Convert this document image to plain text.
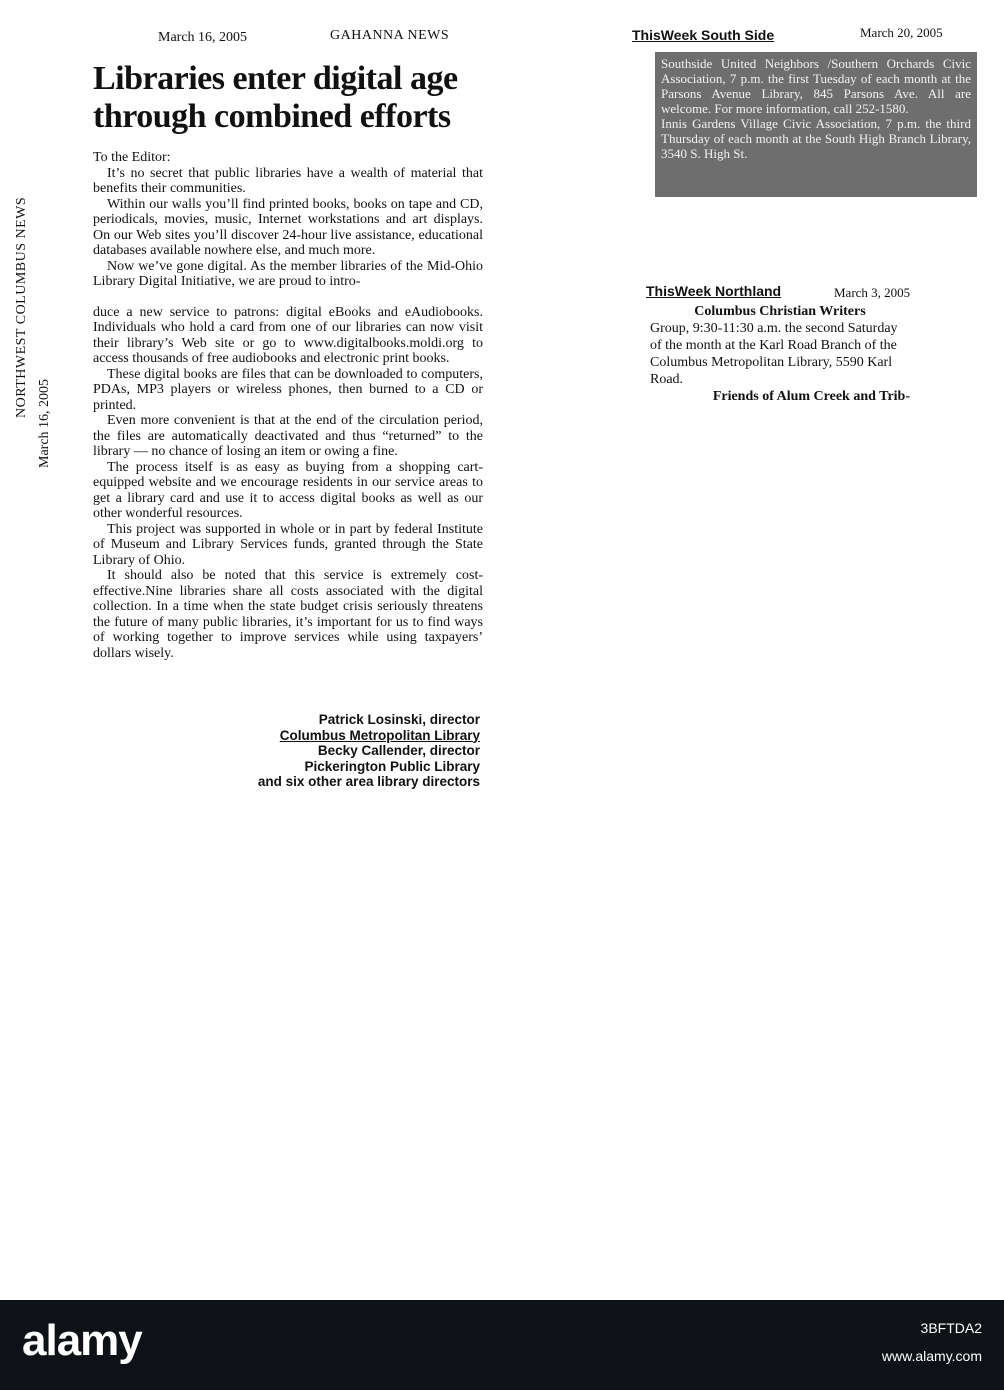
NORTHWEST COLUMBUS NEWS
March 16, 2005
March 16, 2005	GAHANNA NEWS
Libraries enter digital age through combined efforts

To the Editor:

It’s no secret that public libraries have a wealth of material that benefits their communities.

Within our walls you’ll find printed books, books on tape and CD, periodicals, movies, music, Internet workstations and art displays. On our Web sites you’ll discover 24-hour live assistance, educational databases available nowhere else, and much more.

Now we’ve gone digital. As the member libraries of the Mid-Ohio Library Digital Initiative, we are proud to intro-

duce a new service to patrons: digital eBooks and eAudiobooks. Individuals who hold a card from one of our libraries can now visit their library’s Web site or go to www.digitalbooks.moldi.org to access thousands of free audiobooks and electronic print books.

These digital books are files that can be downloaded to computers, PDAs, MP3 players or wireless phones, then burned to a CD or printed.

Even more convenient is that at the end of the circulation period, the files are automatically deactivated and thus “returned” to the library — no chance of losing an item or owing a fine.

The process itself is as easy as buying from a shopping cart-equipped website and we encourage residents in our service areas to get a library card and use it to access digital books as well as our other wonderful resources.

This project was supported in whole or in part by federal Institute of Museum and Library Services funds, granted through the State Library of Ohio.

It should also be noted that this service is extremely cost-effective.Nine libraries share all costs associated with the digital collection. In a time when the state budget crisis seriously threatens the future of many public libraries, it’s important for us to find ways of working together to improve services while using taxpayers’ dollars wisely.

Patrick Losinski, director
Columbus Metropolitan Library
Becky Callender, director
Pickerington Public Library
and six other area library directors
ThisWeek South Side	March 20, 2005

Southside United Neighbors /Southern Orchards Civic Association, 7 p.m. the first Tuesday of each month at the Parsons Avenue Library, 845 Parsons Ave. All are welcome. For more information, call 252-1580.

Innis Gardens Village Civic Association, 7 p.m. the third Thursday of each month at the South High Branch Library, 3540 S. High St.

ThisWeek Northland	March 3, 2005
Columbus Christian Writers
Group, 9:30-11:30 a.m. the second Saturday of the month at the Karl Road Branch of the Columbus Metropolitan Library, 5590 Karl Road.
Friends of Alum Creek and Trib-
alamy	3BFTDA2
www.alamy.com
